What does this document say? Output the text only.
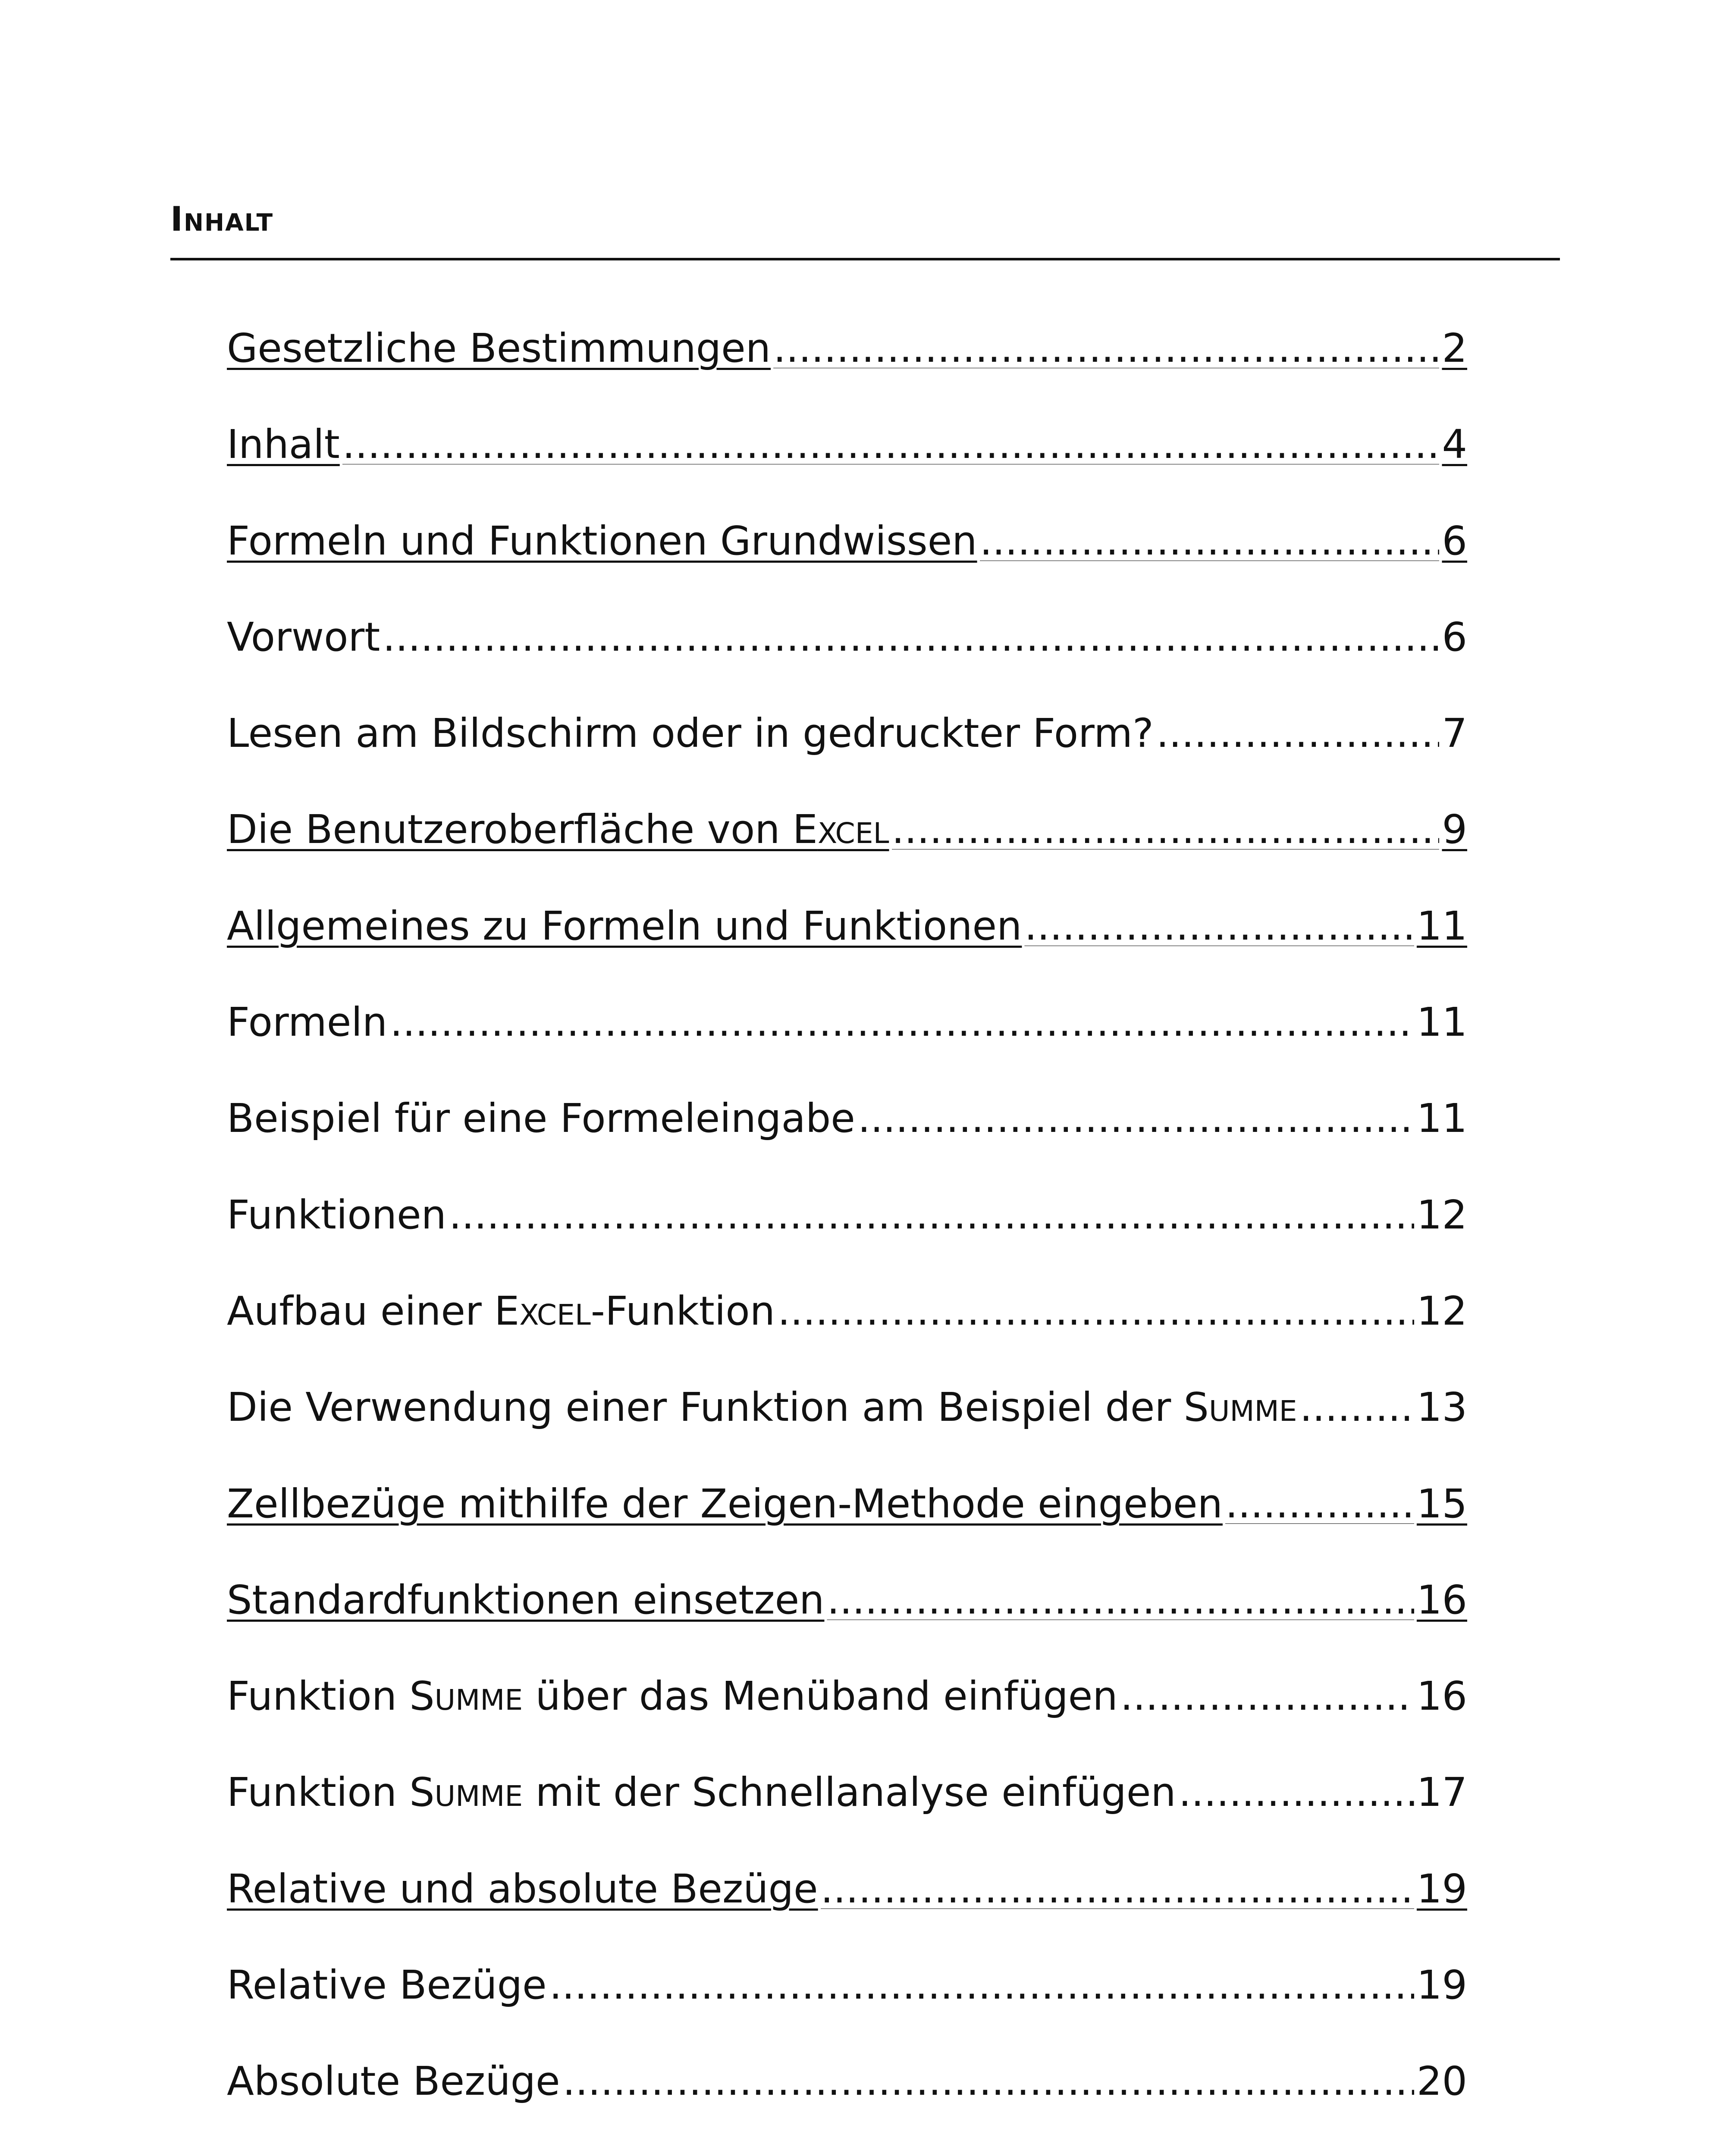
Inhalt
Gesetzliche Bestimmungen .....	2
Inhalt .....	4
Formeln und Funktionen Grundwissen .....	6
Vorwort .....	6
Lesen am Bildschirm oder in gedruckter Form? .....	7
Die Benutzeroberfläche von EXCEL .....	9
Allgemeines zu Formeln und Funktionen .....	11
Formeln .....	11
Beispiel für eine Formeleingabe .....	11
Funktionen .....	12
Aufbau einer EXCEL-Funktion .....	12
Die Verwendung einer Funktion am Beispiel der SUMME .....	13
Zellbezüge mithilfe der Zeigen-Methode eingeben .....	15
Standardfunktionen einsetzen .....	16
Funktion SUMME über das Menüband einfügen .....	16
Funktion SUMME mit der Schnellanalyse einfügen .....	17
Relative und absolute Bezüge .....	19
Relative Bezüge .....	19
Absolute Bezüge .....	20
